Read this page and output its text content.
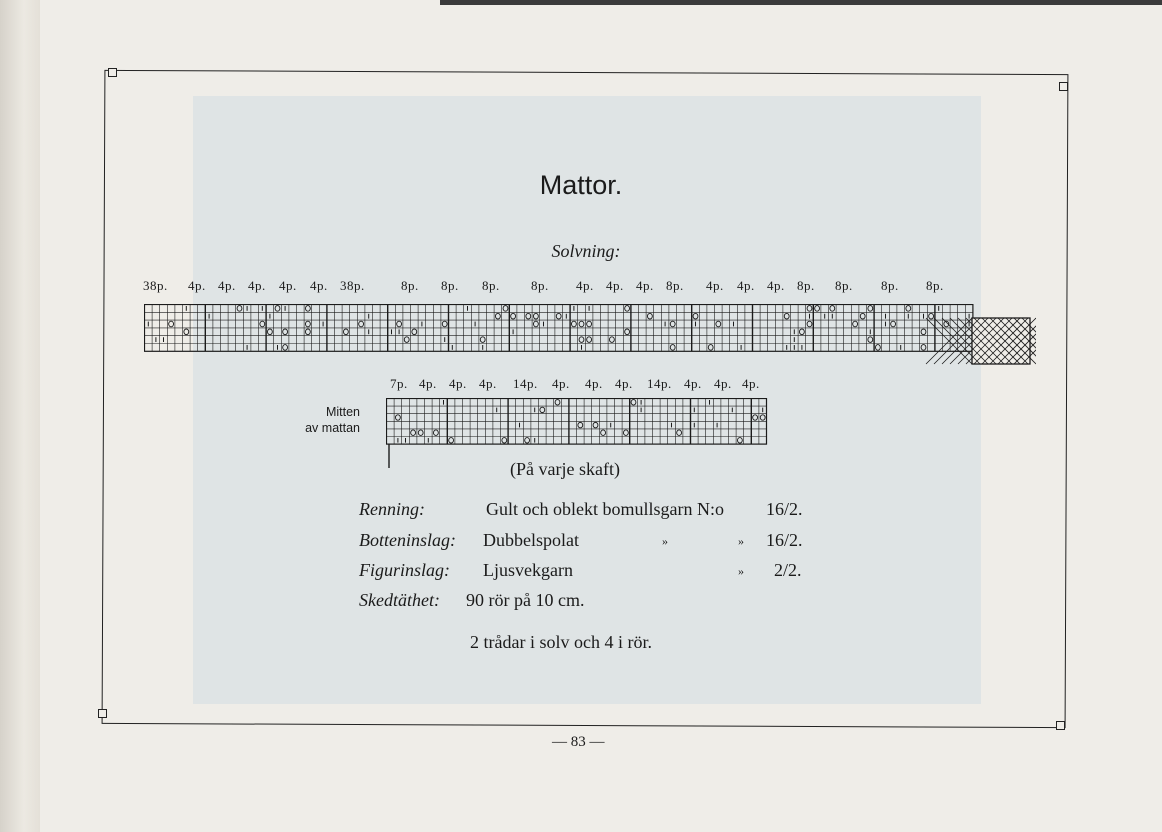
Mattor.
Solvning:
38p. 4p. 4p. 4p. 4p. 4p. 38p.	8p. 8p. 8p. 8p. 4p. 4p. 4p. 8p. 4p. 4p. 4p. 8p. 8p. 8p. 8p.
7p. 4p. 4p. 4p. 14p. 4p. 4p. 4p. 14p. 4p. 4p. 4p.
Mitten
av mattan
(På varje skaft)
Renning:	Gult och oblekt bomullsgarn N:o 16/2.
Botteninslag: Dubbelspolat	»	» 16/2.
Figurinslag: Ljusvekgarn	» 2/2.
Skedtäthet: 90 rör på 10 cm.
2 trådar i solv och 4 i rör.
— 83 —
